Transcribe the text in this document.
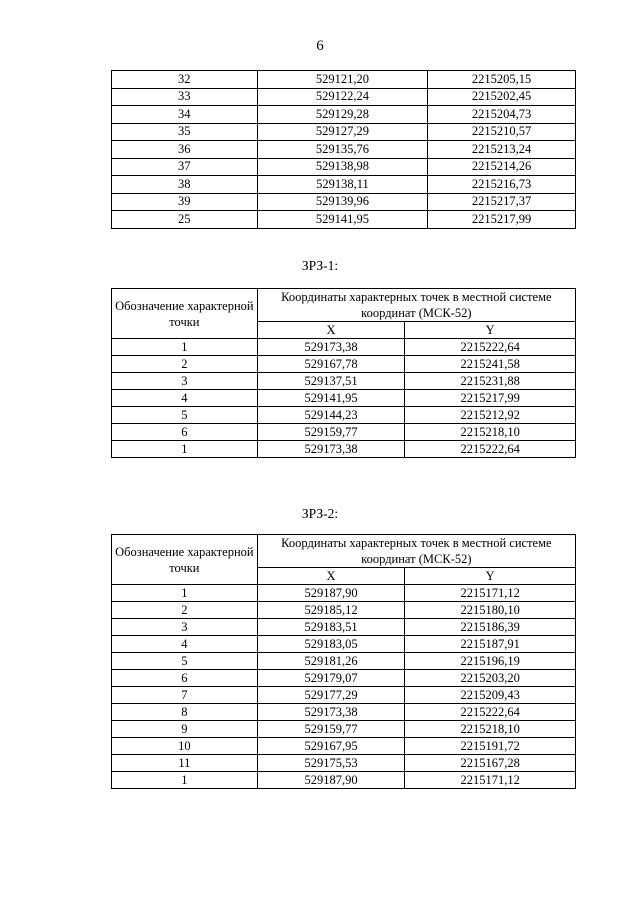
6
32	529121,20	2215205,15
33	529122,24	2215202,45
34	529129,28	2215204,73
35	529127,29	2215210,57
36	529135,76	2215213,24
37	529138,98	2215214,26
38	529138,11	2215216,73
39	529139,96	2215217,37
25	529141,95	2215217,99
ЗРЗ-1:
Обозначение характерной точки	Координаты характерных точек в местной системе координат (МСК-52)	
	X	Y
1	529173,38	2215222,64
2	529167,78	2215241,58
3	529137,51	2215231,88
4	529141,95	2215217,99
5	529144,23	2215212,92
6	529159,77	2215218,10
1	529173,38	2215222,64
ЗРЗ-2:
Обозначение характерной точки	Координаты характерных точек в местной системе координат (МСК-52)	
	X	Y
1	529187,90	2215171,12
2	529185,12	2215180,10
3	529183,51	2215186,39
4	529183,05	2215187,91
5	529181,26	2215196,19
6	529179,07	2215203,20
7	529177,29	2215209,43
8	529173,38	2215222,64
9	529159,77	2215218,10
10	529167,95	2215191,72
11	529175,53	2215167,28
1	529187,90	2215171,12
